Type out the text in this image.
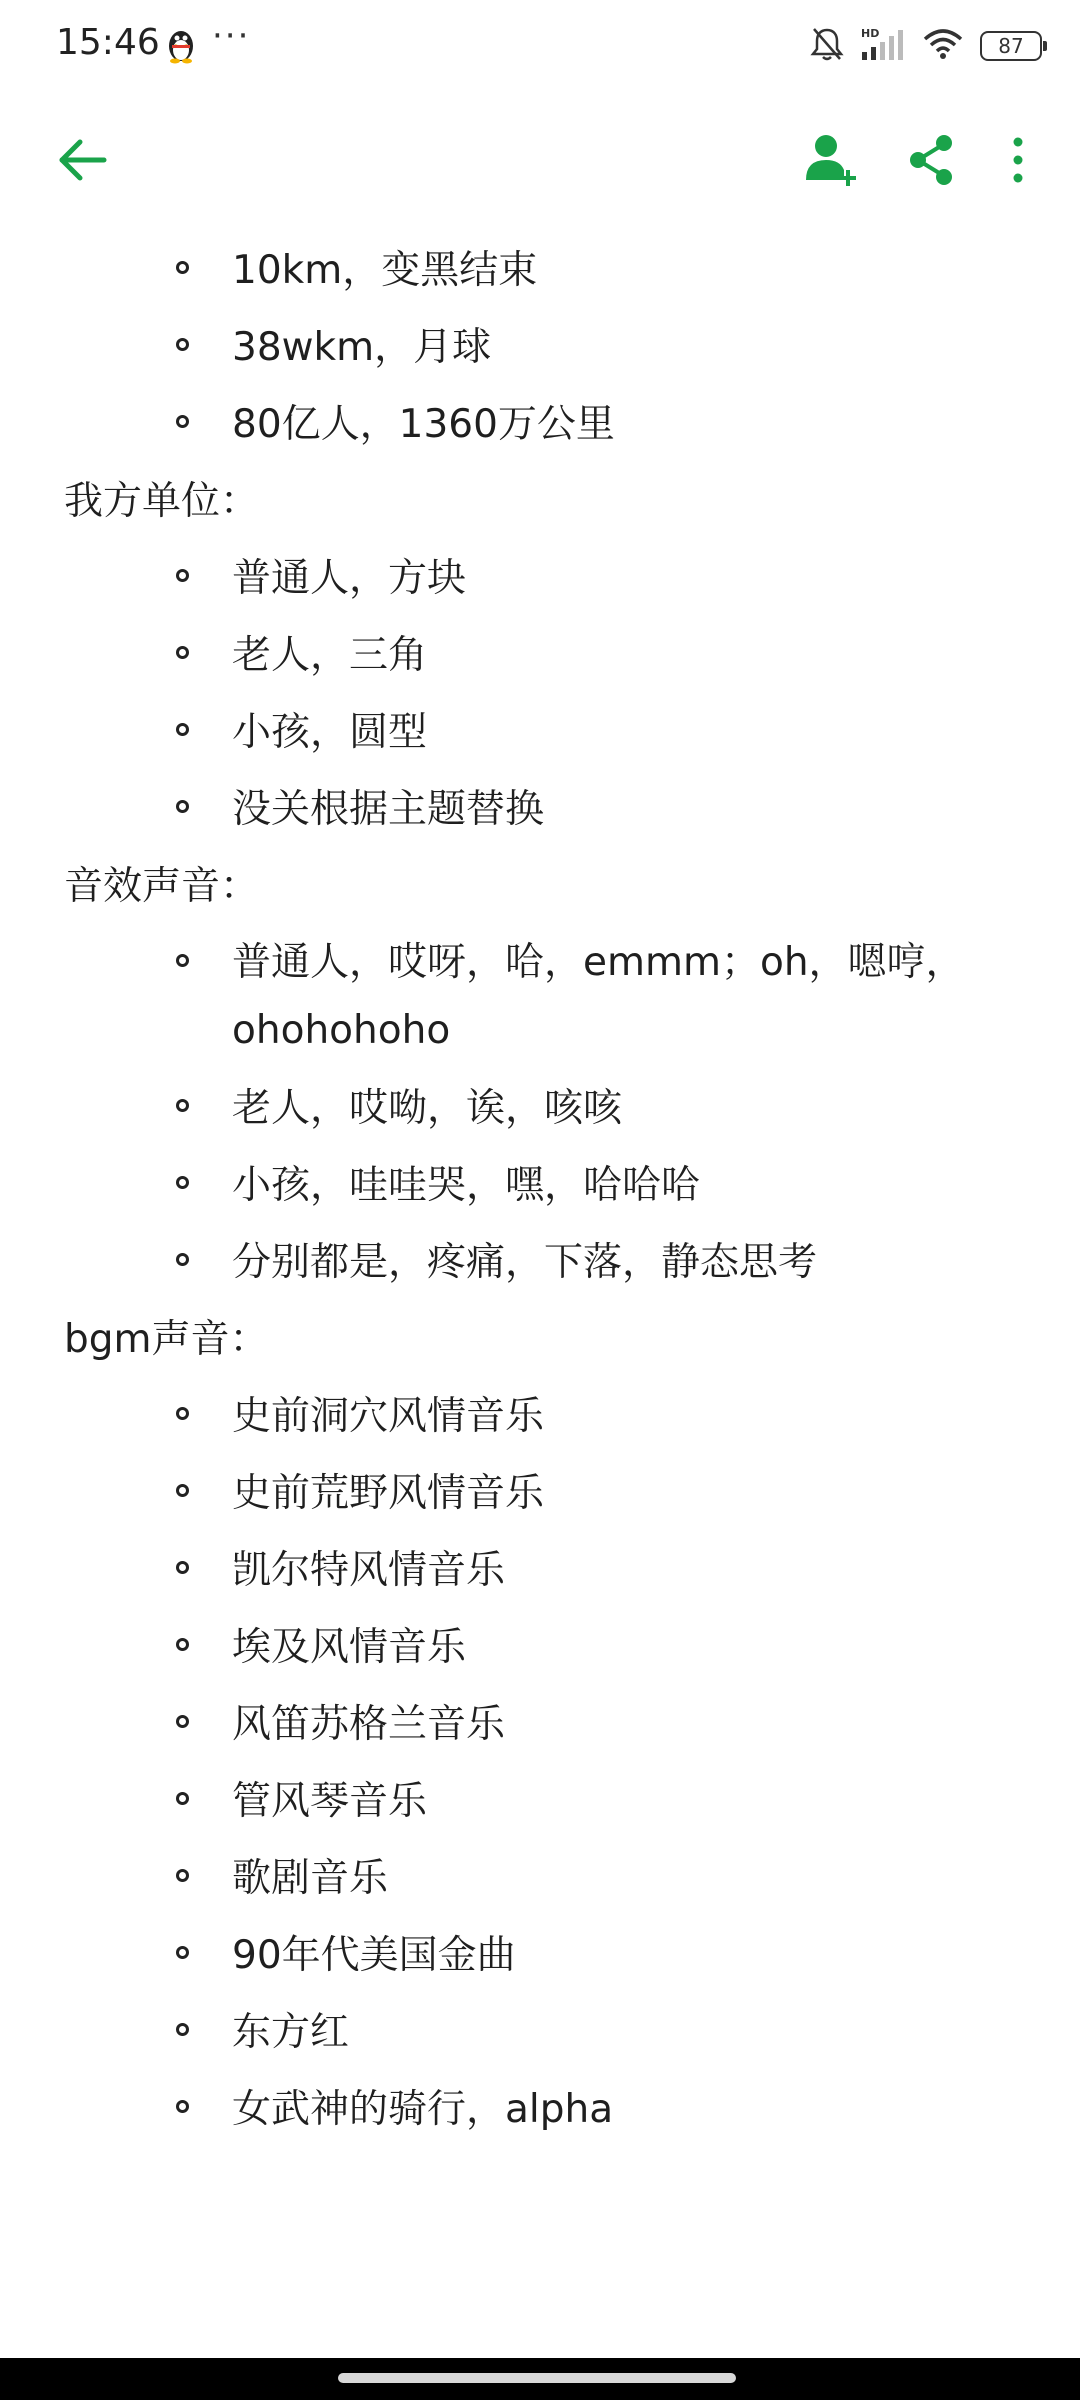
15:46 ···	HD
87
10km，变黑结束
38wkm，月球
80亿人，1360万公里
我方单位：
普通人，方块
老人，三角
小孩，圆型
没关根据主题替换
音效声音：
普通人，哎呀，哈，emmm；oh，嗯哼，ohohohoho
老人，哎呦，诶，咳咳
小孩，哇哇哭，嘿，哈哈哈
分别都是，疼痛，下落，静态思考
bgm声音：
史前洞穴风情音乐
史前荒野风情音乐
凯尔特风情音乐
埃及风情音乐
风笛苏格兰音乐
管风琴音乐
歌剧音乐
90年代美国金曲
东方红
女武神的骑行，alpha
